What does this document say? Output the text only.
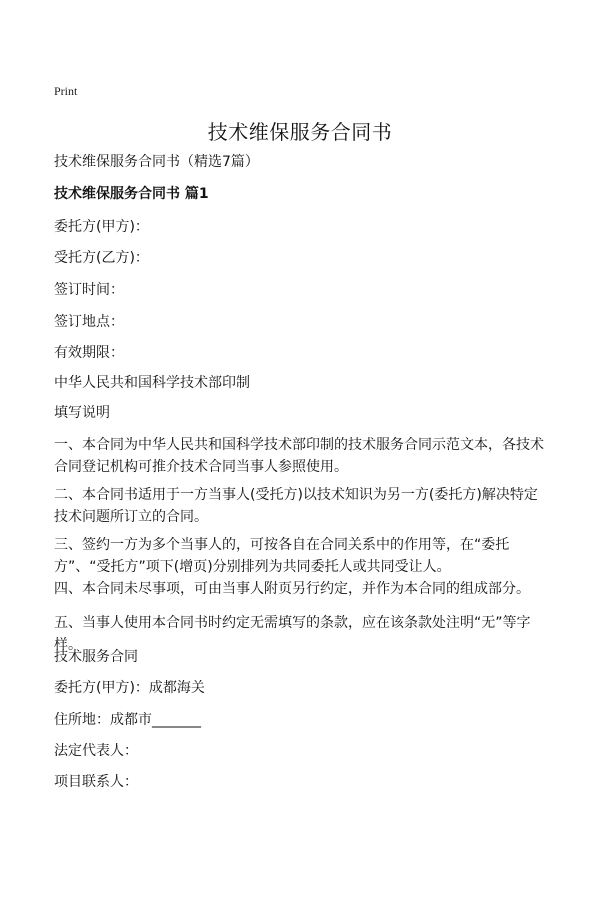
Print
技术维保服务合同书
技术维保服务合同书（精选7篇）
技术维保服务合同书 篇1
委托方(甲方)：
受托方(乙方)：
签订时间：
签订地点：
有效期限：
中华人民共和国科学技术部印制
填写说明
一、本合同为中华人民共和国科学技术部印制的技术服务合同示范文本，各技术合同登记机构可推介技术合同当事人参照使用。
二、本合同书适用于一方当事人(受托方)以技术知识为另一方(委托方)解决特定技术问题所订立的合同。
三、签约一方为多个当事人的，可按各自在合同关系中的作用等，在“委托方”、“受托方”项下(增页)分别排列为共同委托人或共同受让人。
四、本合同未尽事项，可由当事人附页另行约定，并作为本合同的组成部分。
五、当事人使用本合同书时约定无需填写的条款，应在该条款处注明“无”等字样。
技术服务合同
委托方(甲方)：成都海关
住所地：成都市_______
法定代表人：
项目联系人：
